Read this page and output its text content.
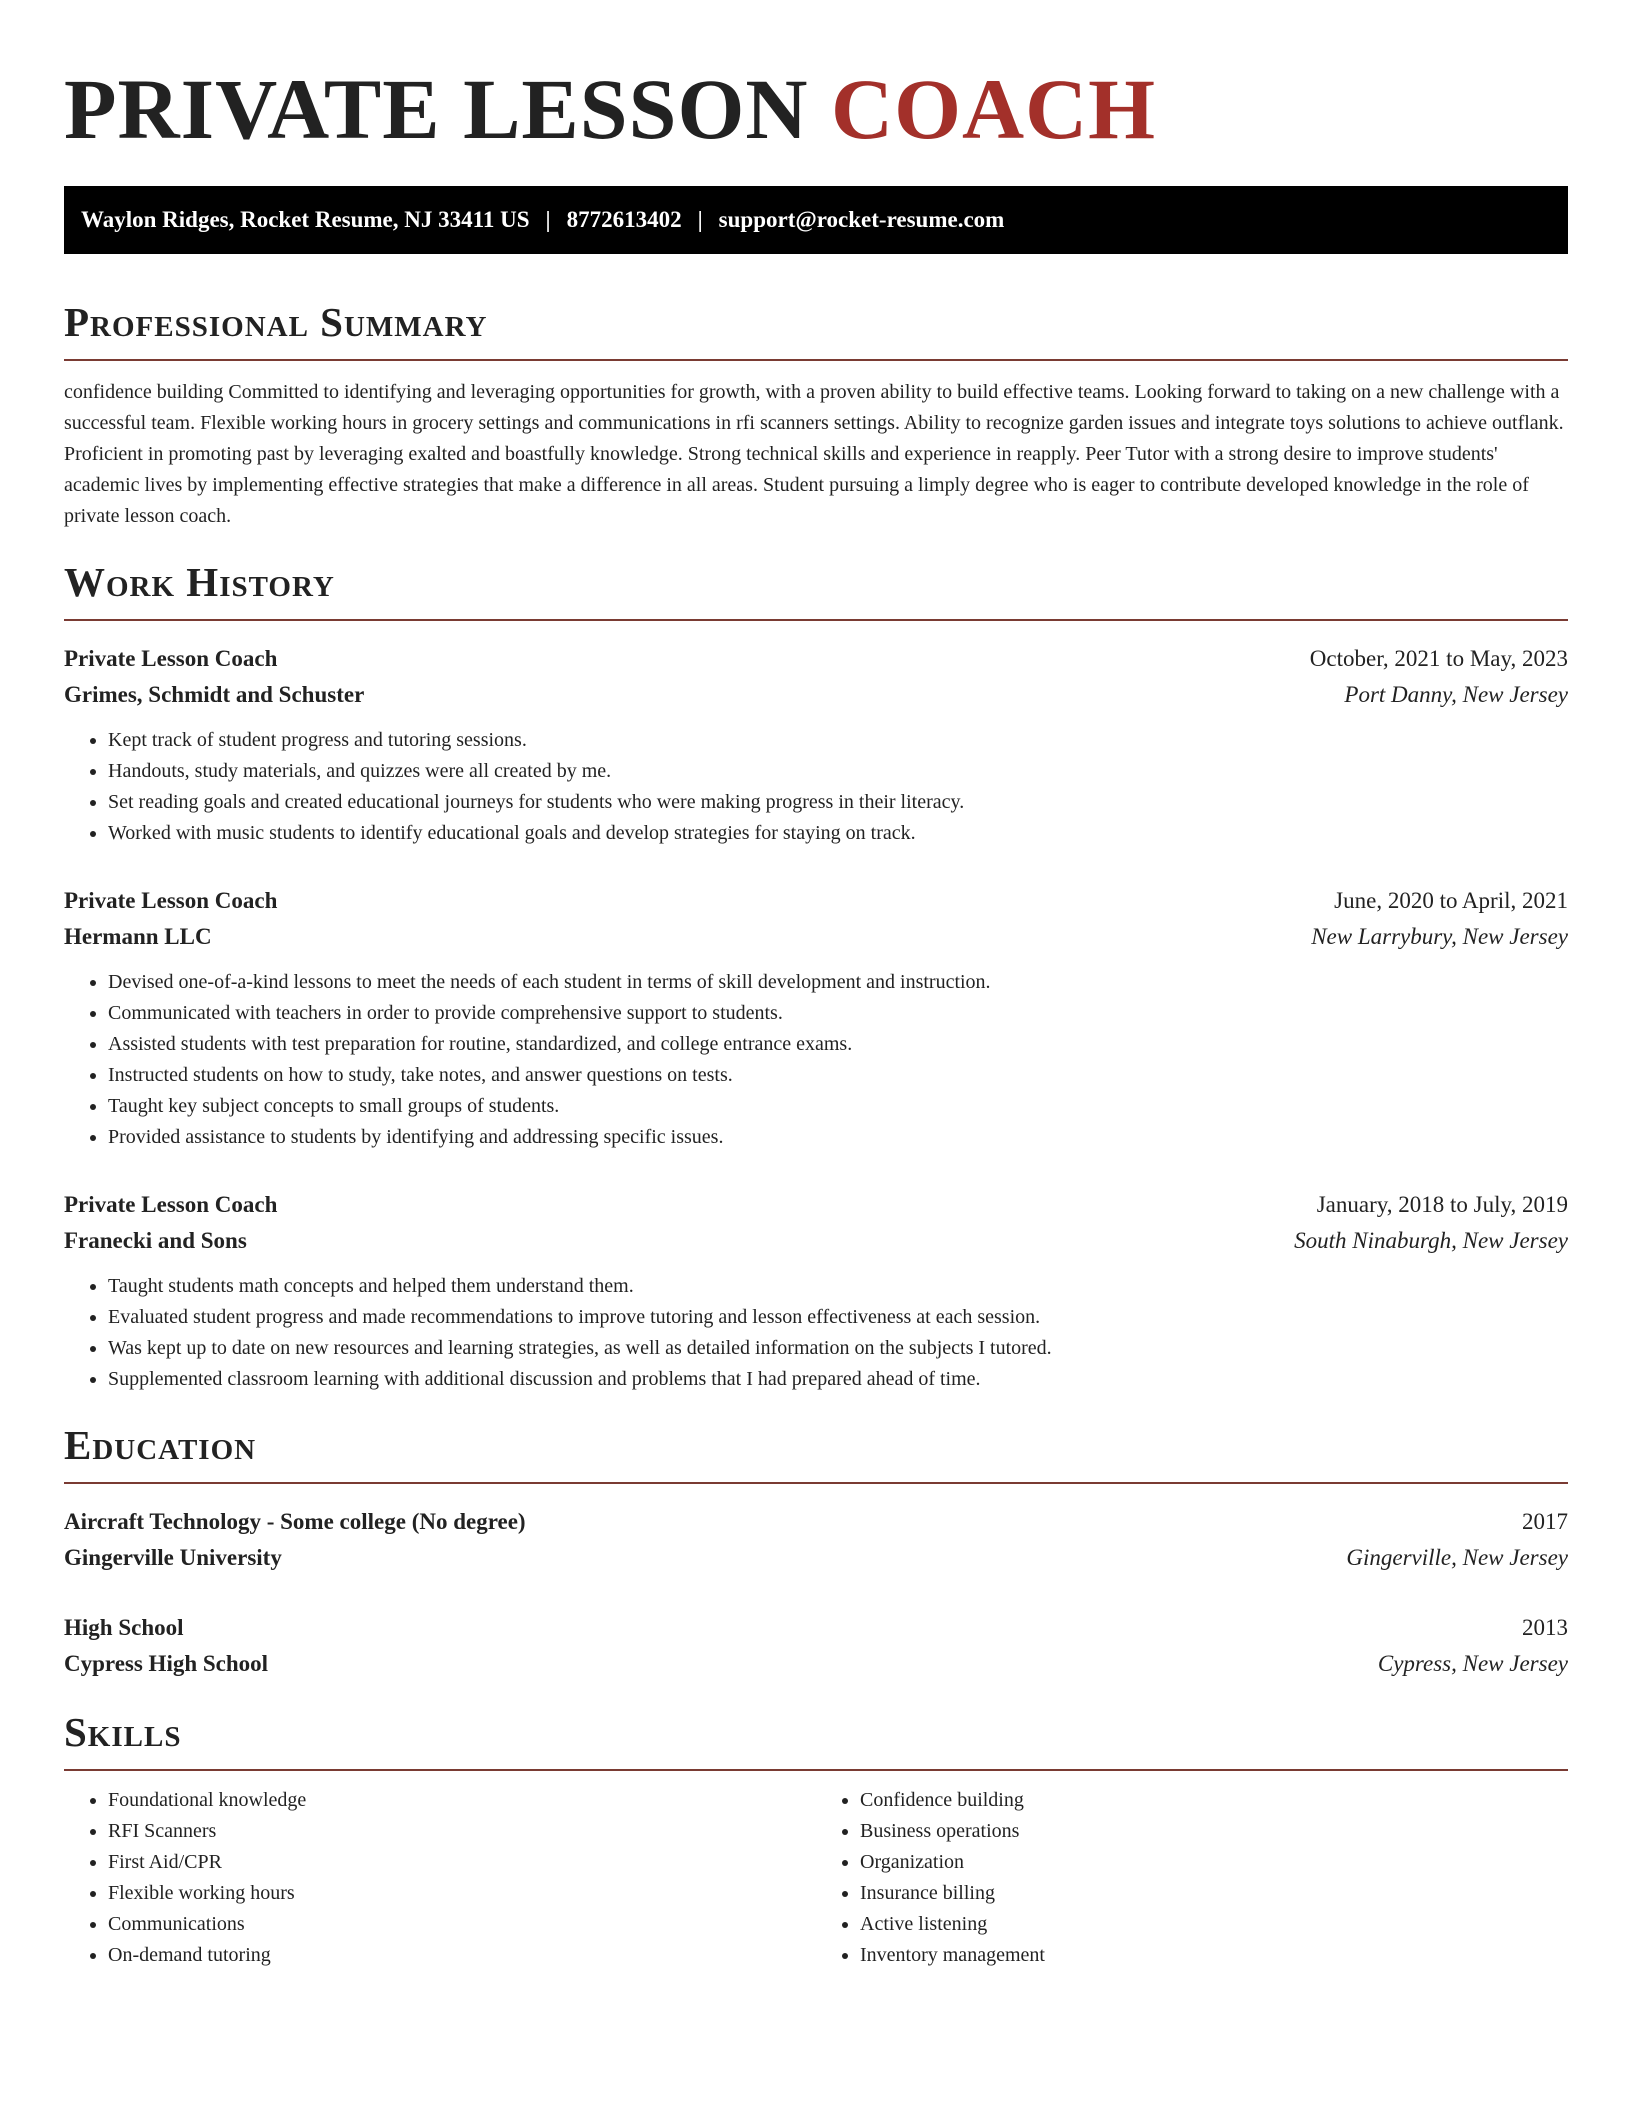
PRIVATE LESSON COACH
Waylon Ridges, Rocket Resume, NJ 33411 US | 8772613402 | support@rocket-resume.com
Professional Summary

confidence building Committed to identifying and leveraging opportunities for growth, with a proven ability to build effective teams. Looking forward to taking on a new challenge with a successful team. Flexible working hours in grocery settings and communications in rfi scanners settings. Ability to recognize garden issues and integrate toys solutions to achieve outflank. Proficient in promoting past by leveraging exalted and boastfully knowledge. Strong technical skills and experience in reapply. Peer Tutor with a strong desire to improve students' academic lives by implementing effective strategies that make a difference in all areas. Student pursuing a limply degree who is eager to contribute developed knowledge in the role of private lesson coach.

Work History
Private Lesson Coach	October, 2021 to May, 2023
Grimes, Schmidt and Schuster	Port Danny, New Jersey
• Kept track of student progress and tutoring sessions.
• Handouts, study materials, and quizzes were all created by me.
• Set reading goals and created educational journeys for students who were making progress in their literacy.
• Worked with music students to identify educational goals and develop strategies for staying on track.
Private Lesson Coach	June, 2020 to April, 2021
Hermann LLC	New Larrybury, New Jersey
• Devised one-of-a-kind lessons to meet the needs of each student in terms of skill development and instruction.
• Communicated with teachers in order to provide comprehensive support to students.
• Assisted students with test preparation for routine, standardized, and college entrance exams.
• Instructed students on how to study, take notes, and answer questions on tests.
• Taught key subject concepts to small groups of students.
• Provided assistance to students by identifying and addressing specific issues.
Private Lesson Coach	January, 2018 to July, 2019
Franecki and Sons	South Ninaburgh, New Jersey
• Taught students math concepts and helped them understand them.
• Evaluated student progress and made recommendations to improve tutoring and lesson effectiveness at each session.
• Was kept up to date on new resources and learning strategies, as well as detailed information on the subjects I tutored.
• Supplemented classroom learning with additional discussion and problems that I had prepared ahead of time.
Education
Aircraft Technology - Some college (No degree)	2017
Gingerville University	Gingerville, New Jersey
High School	2013
Cypress High School	Cypress, New Jersey
Skills
• Foundational knowledge
• RFI Scanners
• First Aid/CPR
• Flexible working hours
• Communications
• On-demand tutoring
• Confidence building
• Business operations
• Organization
• Insurance billing
• Active listening
• Inventory management
